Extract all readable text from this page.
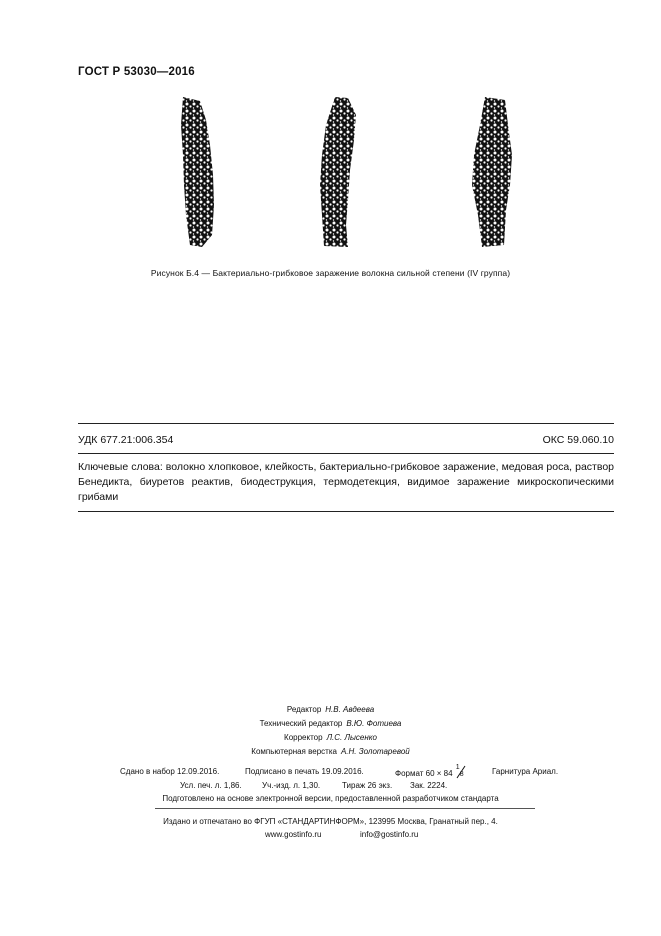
ГОСТ Р 53030—2016
Рисунок Б.4 — Бактериально-грибковое заражение волокна сильной степени (IV группа)
УДК 677.21:006.354	ОКС 59.060.10
Ключевые слова: волокно хлопковое, клейкость, бактериально-грибковое заражение, медовая роса, раствор Бенедикта, биуретов реактив, биодеструкция, термодетекция, видимое заражение микроскопическими грибами
Редактор Н.В. Авдеева
Технический редактор В.Ю. Фотиева
Корректор Л.С. Лысенко
Компьютерная верстка А.Н. Золотаревой
Сдано в набор 12.09.2016.	Подписано в печать 19.09.2016.	Формат 60 × 84
1
8	Гарнитура Ариал.
Усл. печ. л. 1,86.	Уч.-изд. л. 1,30.	Тираж 26 экз. Зак. 2224.
Подготовлено на основе электронной версии, предоставленной разработчиком стандарта
Издано и отпечатано во ФГУП «СТАНДАРТИНФОРМ», 123995 Москва, Гранатный пер., 4.
www.gostinfo.ru	info@gostinfo.ru
